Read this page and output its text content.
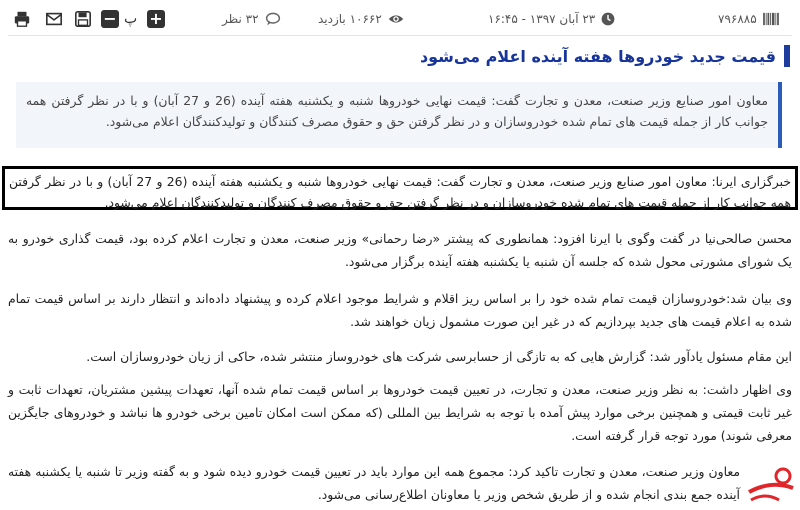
− پ +	۳۲ نظر	۱۰۶۶۲ بازدید	۲۳ آبان ۱۳۹۷ - ۱۶:۴۵	۷۹۶۸۸۵
قیمت جدید خودروها هفته آینده اعلام می‌شود
معاون امور صنایع وزیر صنعت، معدن و تجارت گفت: قیمت نهایی خودروها شنبه و یکشنبه هفته آینده (26 و 27 آبان) و با در نظر گرفتن همه جوانب کار از جمله قیمت های تمام شده خودروسازان و در نظر گرفتن حق و حقوق مصرف کنندگان و تولیدکنندگان اعلام می‌شود.
خبرگزاری ایرنا: معاون امور صنایع وزیر صنعت، معدن و تجارت گفت: قیمت نهایی خودروها شنبه و یکشنبه هفته آینده (26 و 27 آبان) و با در نظر گرفتن همه جوانب کار از جمله قیمت های تمام شده خودروسازان و در نظر گرفتن حق و حقوق مصرف کنندگان و تولیدکنندگان اعلام می‌شود.
محسن صالحی‌نیا در گفت وگوی با ایرنا افزود: همانطوری که پیشتر «رضا رحمانی» وزیر صنعت، معدن و تجارت اعلام کرده بود، قیمت گذاری خودرو به یک شورای مشورتی محول شده که جلسه آن شنبه یا یکشنبه هفته آینده برگزار می‌شود.
وی بیان شد:خودروسازان قیمت تمام شده خود را بر اساس ریز اقلام و شرایط موجود اعلام کرده و پیشنهاد داده‌اند و انتظار دارند بر اساس قیمت تمام شده به اعلام قیمت های جدید بپردازیم که در غیر این صورت مشمول زیان خواهند شد.
این مقام مسئول یادآور شد: گزارش هایی که به تازگی از حسابرسی شرکت های خودروساز منتشر شده، حاکی از زیان خودروسازان است.
وی اظهار داشت: به نظر وزیر صنعت، معدن و تجارت، در تعیین قیمت خودروها بر اساس قیمت تمام شده آنها، تعهدات پیشین مشتریان، تعهدات ثابت و غیر ثابت قیمتی و همچنین برخی موارد پیش آمده با توجه به شرایط بین المللی (که ممکن است امکان تامین برخی خودرو ها نباشد و خودروهای جایگزین معرفی شوند) مورد توجه قرار گرفته است.
معاون وزیر صنعت، معدن و تجارت تاکید کرد: مجموع همه این موارد باید در تعیین قیمت خودرو دیده شود و به گفته وزیر تا شنبه یا یکشنبه هفته آینده جمع بندی انجام شده و از طریق شخص وزیر یا معاونان اطلاع‌رسانی می‌شود.
